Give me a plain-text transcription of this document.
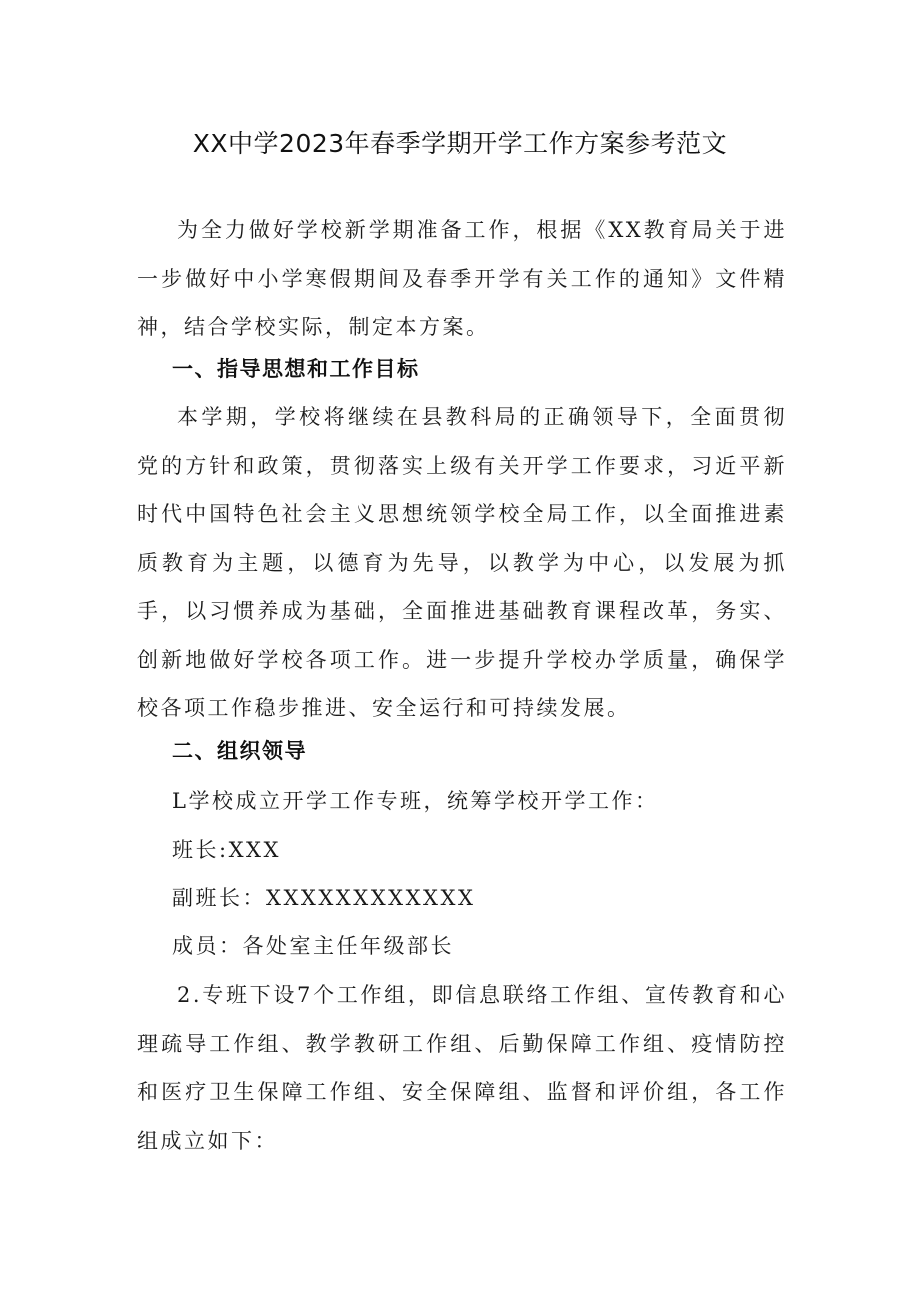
XX中学2023年春季学期开学工作方案参考范文

为全力做好学校新学期准备工作，根据《XX教育局关于进一步做好中小学寒假期间及春季开学有关工作的通知》文件精神，结合学校实际，制定本方案。

一、指导思想和工作目标

本学期，学校将继续在县教科局的正确领导下，全面贯彻党的方针和政策，贯彻落实上级有关开学工作要求，习近平新时代中国特色社会主义思想统领学校全局工作，以全面推进素质教育为主题，以德育为先导，以教学为中心，以发展为抓手，以习惯养成为基础，全面推进基础教育课程改革，务实、创新地做好学校各项工作。进一步提升学校办学质量，确保学校各项工作稳步推进、安全运行和可持续发展。

二、组织领导

L学校成立开学工作专班，统筹学校开学工作：

班长:XXX

副班长：XXXXXXXXXXXX

成员：各处室主任年级部长

2.专班下设7个工作组，即信息联络工作组、宣传教育和心理疏导工作组、教学教研工作组、后勤保障工作组、疫情防控和医疗卫生保障工作组、安全保障组、监督和评价组，各工作组成立如下：
